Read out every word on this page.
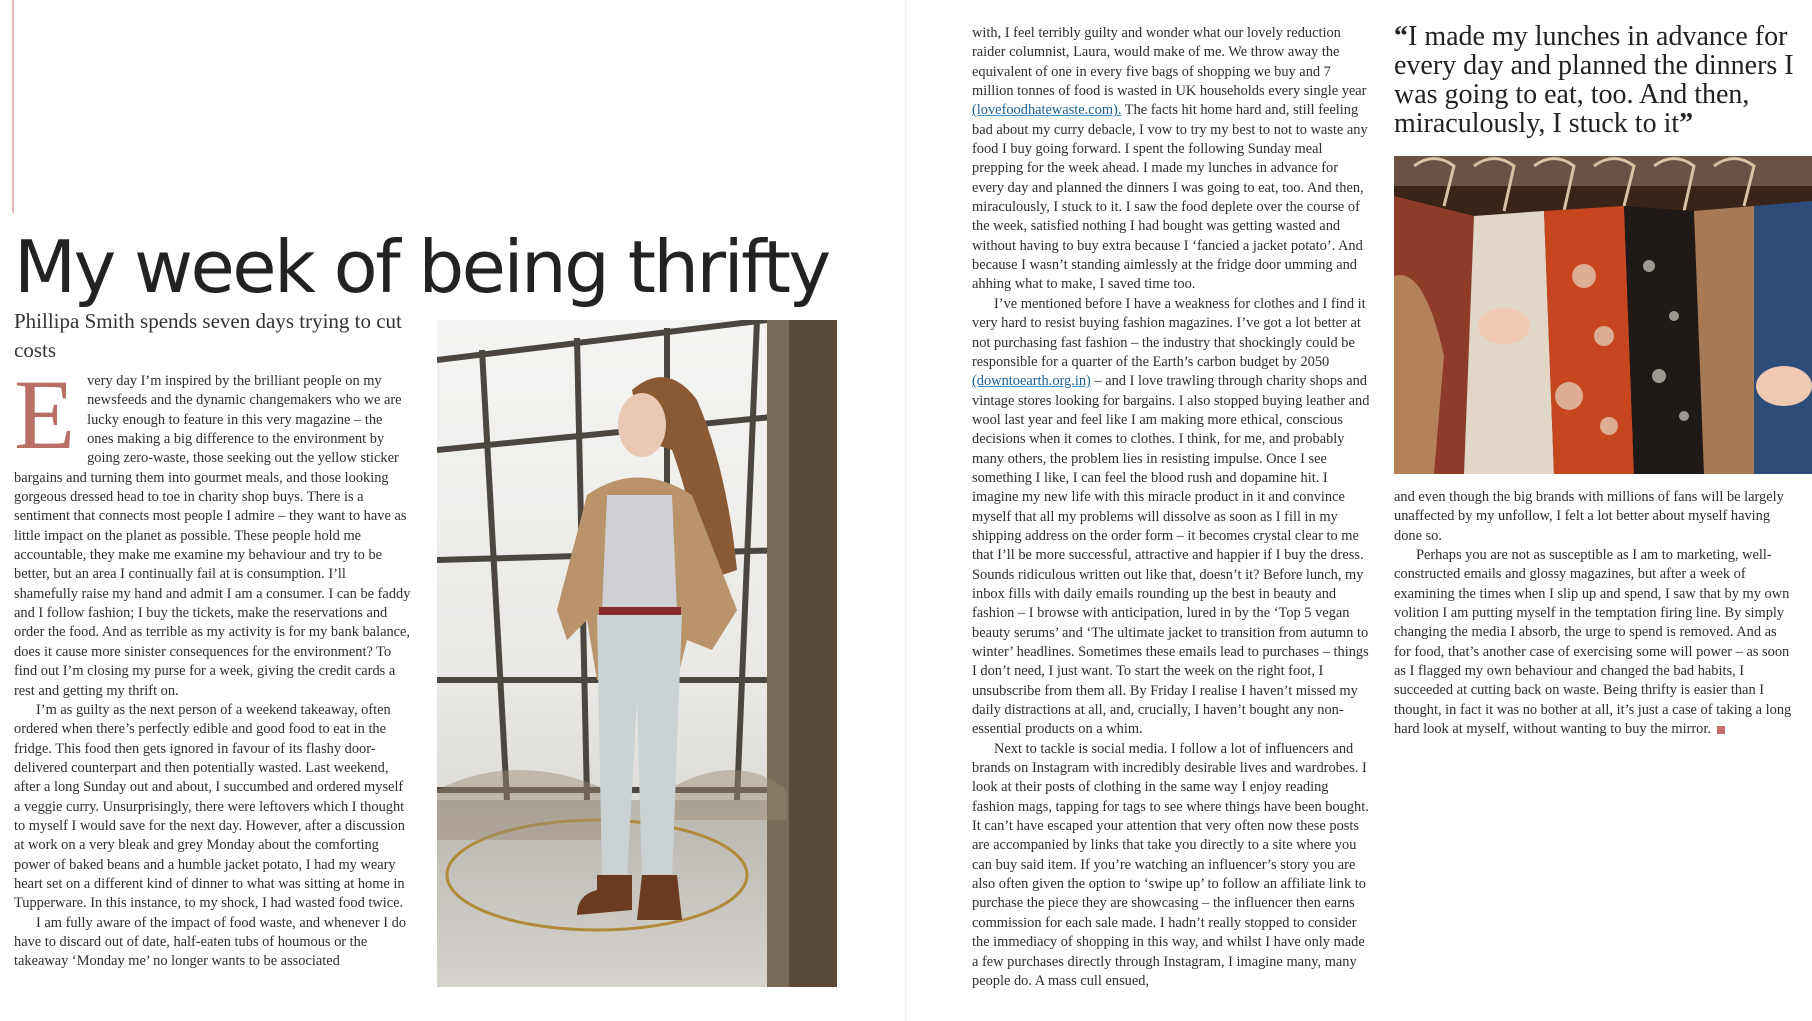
My week of being thrifty

Phillipa Smith spends seven days trying to cut costs

Every day I’m inspired by the brilliant people on my newsfeeds and the dynamic changemakers who we are lucky enough to feature in this very magazine – the ones making a big difference to the environment by going zero-waste, those seeking out the yellow sticker bargains and turning them into gourmet meals, and those looking gorgeous dressed head to toe in charity shop buys. There is a sentiment that connects most people I admire – they want to have as little impact on the planet as possible. These people hold me accountable, they make me examine my behaviour and try to be better, but an area I continually fail at is consumption. I’ll shamefully raise my hand and admit I am a consumer. I can be faddy and I follow fashion; I buy the tickets, make the reservations and order the food. And as terrible as my activity is for my bank balance, does it cause more sinister consequences for the environment? To find out I’m closing my purse for a week, giving the credit cards a rest and getting my thrift on.

I’m as guilty as the next person of a weekend takeaway, often ordered when there’s perfectly edible and good food to eat in the fridge. This food then gets ignored in favour of its flashy door-delivered counterpart and then potentially wasted. Last weekend, after a long Sunday out and about, I succumbed and ordered myself a veggie curry. Unsurprisingly, there were leftovers which I thought to myself I would save for the next day. However, after a discussion at work on a very bleak and grey Monday about the comforting power of baked beans and a humble jacket potato, I had my weary heart set on a different kind of dinner to what was sitting at home in Tupperware. In this instance, to my shock, I had wasted food twice.

I am fully aware of the impact of food waste, and whenever I do have to discard out of date, half-eaten tubs of houmous or the takeaway ‘Monday me’ no longer wants to be associated

with, I feel terribly guilty and wonder what our lovely reduction raider columnist, Laura, would make of me. We throw away the equivalent of one in every five bags of shopping we buy and 7 million tonnes of food is wasted in UK households every single year (lovefoodhatewaste.com). The facts hit home hard and, still feeling bad about my curry debacle, I vow to try my best to not to waste any food I buy going forward. I spent the following Sunday meal prepping for the week ahead. I made my lunches in advance for every day and planned the dinners I was going to eat, too. And then, miraculously, I stuck to it. I saw the food deplete over the course of the week, satisfied nothing I had bought was getting wasted and without having to buy extra because I ‘fancied a jacket potato’. And because I wasn’t standing aimlessly at the fridge door umming and ahhing what to make, I saved time too.

I’ve mentioned before I have a weakness for clothes and I find it very hard to resist buying fashion magazines. I’ve got a lot better at not purchasing fast fashion – the industry that shockingly could be responsible for a quarter of the Earth’s carbon budget by 2050 (downtoearth.org.in) – and I love trawling through charity shops and vintage stores looking for bargains. I also stopped buying leather and wool last year and feel like I am making more ethical, conscious decisions when it comes to clothes. I think, for me, and probably many others, the problem lies in resisting impulse. Once I see something I like, I can feel the blood rush and dopamine hit. I imagine my new life with this miracle product in it and convince myself that all my problems will dissolve as soon as I fill in my shipping address on the order form – it becomes crystal clear to me that I’ll be more successful, attractive and happier if I buy the dress. Sounds ridiculous written out like that, doesn’t it? Before lunch, my inbox fills with daily emails rounding up the best in beauty and fashion – I browse with anticipation, lured in by the ‘Top 5 vegan beauty serums’ and ‘The ultimate jacket to transition from autumn to winter’ headlines. Sometimes these emails lead to purchases – things I don’t need, I just want. To start the week on the right foot, I unsubscribe from them all. By Friday I realise I haven’t missed my daily distractions at all, and, crucially, I haven’t bought any non-essential products on a whim.

Next to tackle is social media. I follow a lot of influencers and brands on Instagram with incredibly desirable lives and wardrobes. I look at their posts of clothing in the same way I enjoy reading fashion mags, tapping for tags to see where things have been bought. It can’t have escaped your attention that very often now these posts are accompanied by links that take you directly to a site where you can buy said item. If you’re watching an influencer’s story you are also often given the option to ‘swipe up’ to follow an affiliate link to purchase the piece they are showcasing – the influencer then earns commission for each sale made. I hadn’t really stopped to consider the immediacy of shopping in this way, and whilst I have only made a few purchases directly through Instagram, I imagine many, many people do. A mass cull ensued,

“I made my lunches in advance for every day and planned the dinners I was going to eat, too. And then, miraculously, I stuck to it”

and even though the big brands with millions of fans will be largely unaffected by my unfollow, I felt a lot better about myself having done so.

Perhaps you are not as susceptible as I am to marketing, well-constructed emails and glossy magazines, but after a week of examining the times when I slip up and spend, I saw that by my own volition I am putting myself in the temptation firing line. By simply changing the media I absorb, the urge to spend is removed. And as for food, that’s another case of exercising some will power – as soon as I flagged my own behaviour and changed the bad habits, I succeeded at cutting back on waste. Being thrifty is easier than I thought, in fact it was no bother at all, it’s just a case of taking a long hard look at myself, without wanting to buy the mirror.
